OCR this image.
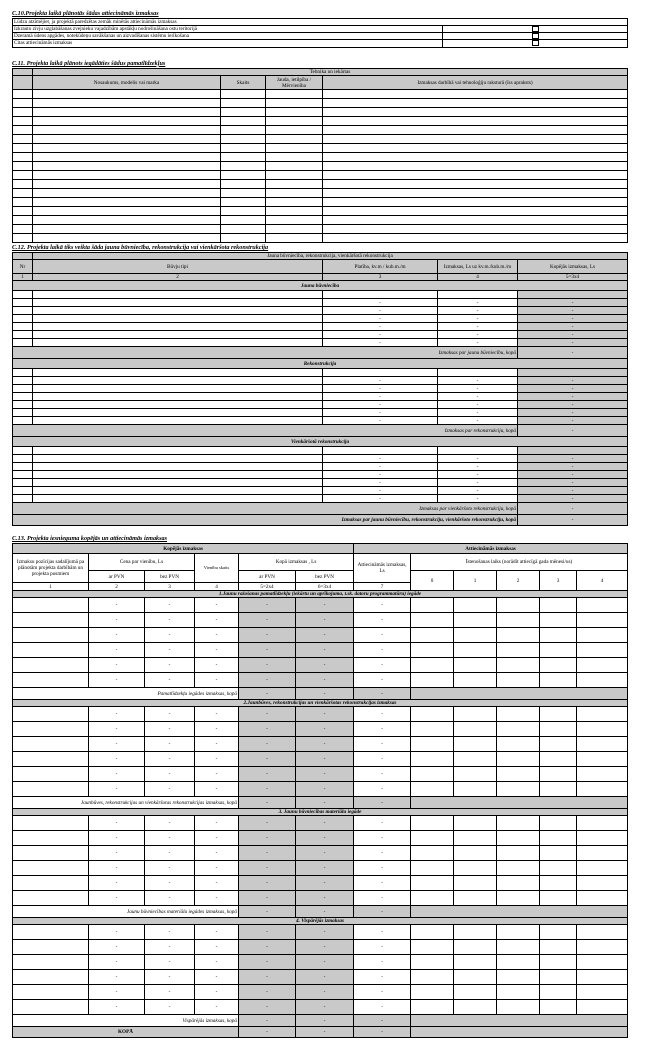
C.10.Projekta laikā plānotās šādas attiecināmās izmaksas
Lūdzu atzīmējiet, ja projektā paredzētas zemāk minētās attiecināmās izmaksas	
Izkrauto zivju uzglabāšanas zvejnieku vajadzībām apstākļu nodrošināšana ostu teritorijā	
Dzeramā ūdens apgādes, notekūdeņu savākšanas un aizvadīšanas sistēmu ierīkošana	
Citas attiecināmās izmaksas	
C.11. Projekta laikā plānots iegādāties šādus pamatlīdzekļus
	Tehnika un iekārtas			
	Nosaukums, modelis vai marka	Skaits	Jauda, ietilpība / Mērvienība	Izmaksas darbībā vai tehnoloģiju raksturā (īss apraksts)

C.12. Projekta laikā tiks veikta šāda jauna būvniecība, rekonstrukcija vai vienkāršota rekonstrukcija
	Jauna būvniecība, rekonstrukcija, vienkāršotā rekonstrukcija			
Nr	Būvju tipi	Platība, kv.m / kub.m./m	Izmaksas, Ls uz kv.m./kub.m./m	Kopējās izmaksas, Ls
1	2	3	4	5=3x4
Jauna būvniecība				

		-	-	-
		-	-	-
		-	-	-
		-	-	-
		-	-	-
		-	-	-
Izmaksas par jaunu būvniecību, kopā				-
Rekonstrukcija				

		-	-	-
		-	-	-
		-	-	-
		-	-	-
		-	-	-
		-	-	-
Izmaksas par rekonstrukciju, kopā				-
Vienkāršotā rekonstrukcija				

		-	-	-
		-	-	-
		-	-	-
		-	-	-
		-	-	-
		-	-	-
Izmaksas par vienkāršoto rekonstrukciju, kopā				-
Izmaksas par jaunu būvniecību, rekonstrukciju, vienkāršoto rekonstrukciju, kopā				-
C.13. Projekta iesnieguma kopējās un attiecināmās izmaksas
Kopējās izmaksas						Attiecināmās izmaksas					
Izmaksu pozīcijas sadalījumā pa plānotām projekta darbībām un projekta posmiem	Cena par vienību, Ls		Vienību skaits	Kopā izmaksas , Ls		Attiecināmās izmaksas, Ls	Īstenošanas laiks (norādīt attiecīgā gada mēnesi/us)				
	ar PVN	bez PVN		ar PVN	bez PVN		0	1	2	3	4
1	2	3	4	5=2x4	6=3x4	7					
1.Jaunu ražošanas pamatlīdzekļu (iekārtu un aprīkojuma, t.sk. datoru programmatūru) iegāde											
	-	-	-	-	-	-					
	-	-	-	-	-	-					
	-	-	-	-	-	-					
	-	-	-	-	-	-					
	-	-	-	-	-	-					
	-	-	-	-	-	-					
Pamatlīdzekļu iegādes izmaksas, kopā				-	-	-					
2.Jaunbūves, rekonstrukcijas un vienkāršotas rekonstrukcijas izmaksas											
	-	-	-	-	-	-					
	-	-	-	-	-	-					
	-	-	-	-	-	-					
	-	-	-	-	-	-					
	-	-	-	-	-	-					
	-	-	-	-	-	-					
Jaunbūves, rekonstrukcijas un vienkāršotas rekonstrukcijas izmaksas, kopā				-	-	-					
3. Jaunu būvniecības materiālu iegāde											
	-	-	-	-	-	-					
	-	-	-	-	-	-					
	-	-	-	-	-	-					
	-	-	-	-	-	-					
	-	-	-	-	-	-					
	-	-	-	-	-	-					
Jaunu būvniecības materiālu iegādes izmaksas, kopā				-	-	-					
4. Vispārējās izmaksas											
	-	-	-	-	-	-					
	-	-	-	-	-	-					
	-	-	-	-	-	-					
	-	-	-	-	-	-					
	-	-	-	-	-	-					
	-	-	-	-	-	-					
Vispārējās izmaksas, kopā				-	-	-					
KOPĀ				-	-	-					
